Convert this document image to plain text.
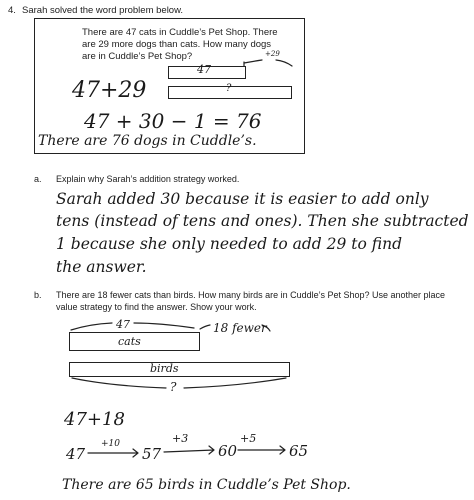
4. Sarah solved the word problem below.
There are 47 cats in Cuddle’s Pet Shop. There
are 29 more dogs than cats. How many dogs
are in Cuddle’s Pet Shop?
47
+29
?
47+29
47 + 30 − 1 = 76
There are 76 dogs in Cuddle’s.
a. Explain why Sarah’s addition strategy worked.
Sarah added 30 because it is easier to add only
tens (instead of tens and ones). Then she subtracted
1 because she only needed to add 29 to find
the answer.
b. There are 18 fewer cats than birds. How many birds are in Cuddle’s Pet Shop? Use another place
value strategy to find the answer. Show your work.
47	18 fewer
cats
birds
?
47+18
47
+10
57
+3
60
+5
65
There are 65 birds in Cuddle’s Pet Shop.
